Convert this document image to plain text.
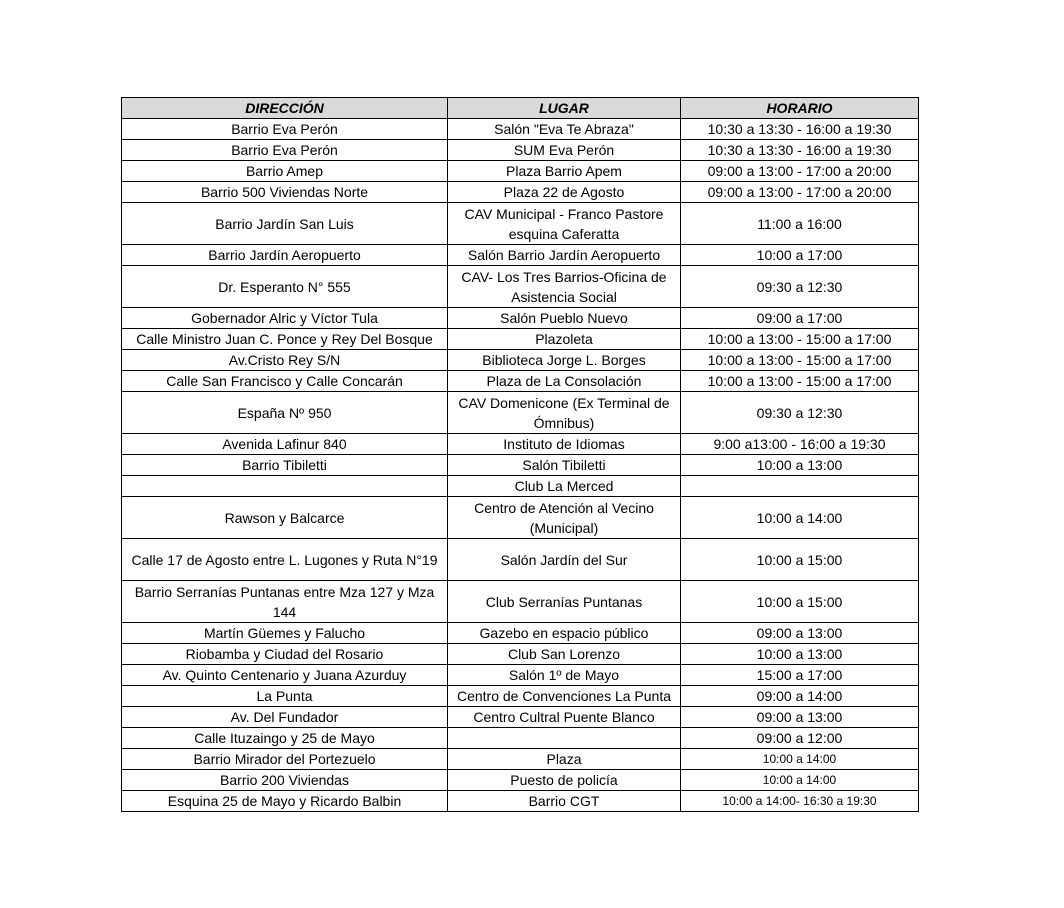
DIRECCIÓN	LUGAR	HORARIO
Barrio Eva Perón	Salón "Eva Te Abraza"	10:30 a 13:30 - 16:00 a 19:30
Barrio Eva Perón	SUM Eva Perón	10:30 a 13:30 - 16:00 a 19:30
Barrio Amep	Plaza Barrio Apem	09:00 a 13:00 - 17:00 a 20:00
Barrio 500 Viviendas Norte	Plaza 22 de Agosto	09:00 a 13:00 - 17:00 a 20:00
Barrio Jardín San Luis	CAV Municipal - Franco Pastore esquina Caferatta	11:00 a 16:00
Barrio Jardín Aeropuerto	Salón Barrio Jardín Aeropuerto	10:00 a 17:00
Dr. Esperanto N° 555	CAV- Los Tres Barrios-Oficina de Asistencia Social	09:30 a 12:30
Gobernador Alric y Víctor Tula	Salón Pueblo Nuevo	09:00 a 17:00
Calle Ministro Juan C. Ponce y Rey Del Bosque	Plazoleta	10:00 a 13:00 - 15:00 a 17:00
Av.Cristo Rey S/N	Biblioteca Jorge L. Borges	10:00 a 13:00 - 15:00 a 17:00
Calle San Francisco y Calle Concarán	Plaza de La Consolación	10:00 a 13:00 - 15:00 a 17:00
España Nº 950	CAV Domenicone (Ex Terminal de Ómnibus)	09:30 a 12:30
Avenida Lafinur 840	Instituto de Idiomas	9:00 a13:00 - 16:00 a 19:30
Barrio Tibiletti	Salón Tibiletti	10:00 a 13:00
	Club La Merced	
Rawson y Balcarce	Centro de Atención al Vecino (Municipal)	10:00 a 14:00
Calle 17 de Agosto entre L. Lugones y Ruta N°19	Salón Jardín del Sur	10:00 a 15:00
Barrio Serranías Puntanas entre Mza 127 y Mza 144	Club Serranías Puntanas	10:00 a 15:00
Martín Güemes y Falucho	Gazebo en espacio público	09:00 a 13:00
Riobamba y Ciudad del Rosario	Club San Lorenzo	10:00 a 13:00
Av. Quinto Centenario y Juana Azurduy	Salón 1º de Mayo	15:00 a 17:00
La Punta	Centro de Convenciones La Punta	09:00 a 14:00
Av. Del Fundador	Centro Cultral Puente Blanco	09:00 a 13:00
Calle Ituzaingo y 25 de Mayo		09:00 a 12:00
Barrio Mirador del Portezuelo	Plaza	10:00 a 14:00
Barrio 200 Viviendas	Puesto de policía	10:00 a 14:00
Esquina 25 de Mayo y Ricardo Balbin	Barrio CGT	10:00 a 14:00- 16:30 a 19:30
